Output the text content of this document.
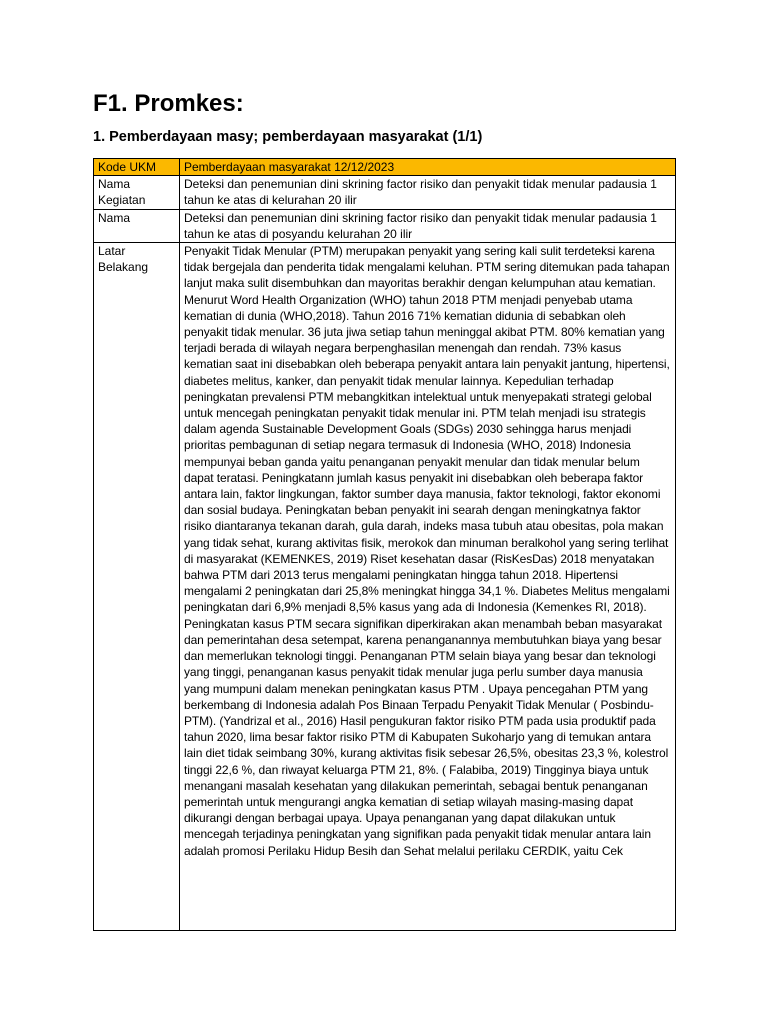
F1. Promkes:
1. Pemberdayaan masy; pemberdayaan masyarakat (1/1)
Kode UKM	Pemberdayaan masyarakat 12/12/2023
Nama Kegiatan	Deteksi dan penemunian dini skrining factor risiko dan penyakit tidak menular padausia 1 tahun ke atas di kelurahan 20 ilir
Nama	Deteksi dan penemunian dini skrining factor risiko dan penyakit tidak menular padausia 1 tahun ke atas di posyandu kelurahan 20 ilir
Latar Belakang	Penyakit Tidak Menular (PTM) merupakan penyakit yang sering kali sulit terdeteksi karena tidak bergejala dan penderita tidak mengalami keluhan. PTM sering ditemukan pada tahapan lanjut maka sulit disembuhkan dan mayoritas berakhir dengan kelumpuhan atau kematian. Menurut Word Health Organization (WHO) tahun 2018 PTM menjadi penyebab utama kematian di dunia (WHO,2018). Tahun 2016 71% kematian didunia di sebabkan oleh penyakit tidak menular. 36 juta jiwa setiap tahun meninggal akibat PTM. 80% kematian yang terjadi berada di wilayah negara berpenghasilan menengah dan rendah. 73% kasus kematian saat ini disebabkan oleh beberapa penyakit antara lain penyakit jantung, hipertensi, diabetes melitus, kanker, dan penyakit tidak menular lainnya. Kepedulian terhadap peningkatan prevalensi PTM mebangkitkan intelektual untuk menyepakati strategi gelobal untuk mencegah peningkatan penyakit tidak menular ini. PTM telah menjadi isu strategis dalam agenda Sustainable Development Goals (SDGs) 2030 sehingga harus menjadi prioritas pembagunan di setiap negara termasuk di Indonesia (WHO, 2018) Indonesia mempunyai beban ganda yaitu penanganan penyakit menular dan tidak menular belum dapat teratasi. Peningkatann jumlah kasus penyakit ini disebabkan oleh beberapa faktor antara lain, faktor lingkungan, faktor sumber daya manusia, faktor teknologi, faktor ekonomi dan sosial budaya. Peningkatan beban penyakit ini searah dengan meningkatnya faktor risiko diantaranya tekanan darah, gula darah, indeks masa tubuh atau obesitas, pola makan yang tidak sehat, kurang aktivitas fisik, merokok dan minuman beralkohol yang sering terlihat di masyarakat (KEMENKES, 2019) Riset kesehatan dasar (RisKesDas) 2018 menyatakan bahwa PTM dari 2013 terus mengalami peningkatan hingga tahun 2018. Hipertensi mengalami 2 peningkatan dari 25,8% meningkat hingga 34,1 %. Diabetes Melitus mengalami peningkatan dari 6,9% menjadi 8,5% kasus yang ada di Indonesia (Kemenkes RI, 2018). Peningkatan kasus PTM secara signifikan diperkirakan akan menambah beban masyarakat dan pemerintahan desa setempat, karena penanganannya membutuhkan biaya yang besar dan memerlukan teknologi tinggi. Penanganan PTM selain biaya yang besar dan teknologi yang tinggi, penanganan kasus penyakit tidak menular juga perlu sumber daya manusia yang mumpuni dalam menekan peningkatan kasus PTM . Upaya pencegahan PTM yang berkembang di Indonesia adalah Pos Binaan Terpadu Penyakit Tidak Menular ( Posbindu-PTM). (Yandrizal et al., 2016) Hasil pengukuran faktor risiko PTM pada usia produktif pada tahun 2020, lima besar faktor risiko PTM di Kabupaten Sukoharjo yang di temukan antara lain diet tidak seimbang 30%, kurang aktivitas fisik sebesar 26,5%, obesitas 23,3 %, kolestrol tinggi 22,6 %, dan riwayat keluarga PTM 21, 8%. ( Falabiba, 2019) Tingginya biaya untuk menangani masalah kesehatan yang dilakukan pemerintah, sebagai bentuk penanganan pemerintah untuk mengurangi angka kematian di setiap wilayah masing-masing dapat dikurangi dengan berbagai upaya. Upaya penanganan yang dapat dilakukan untuk mencegah terjadinya peningkatan yang signifikan pada penyakit tidak menular antara lain adalah promosi Perilaku Hidup Besih dan Sehat melalui perilaku CERDIK, yaitu Cek
